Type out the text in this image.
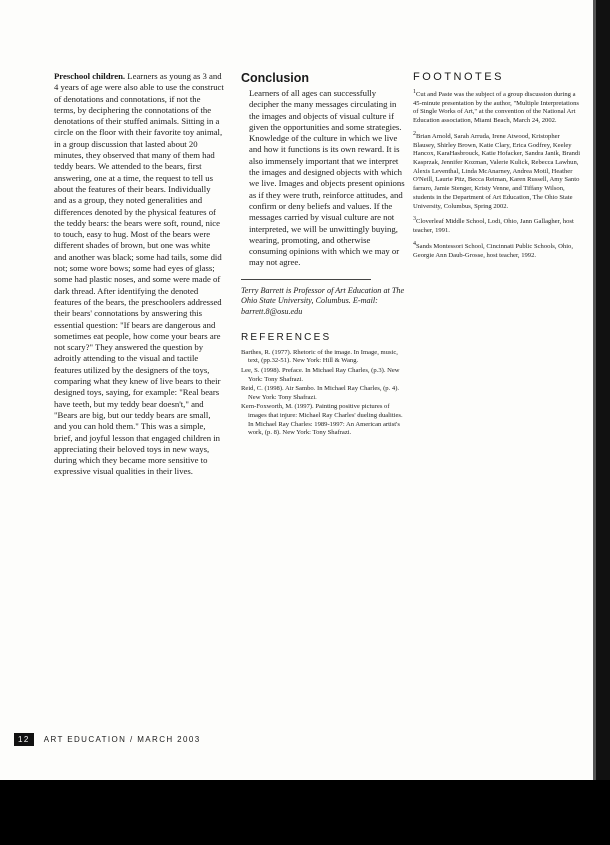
Preschool children. Learners as young as 3 and 4 years of age were also able to use the construct of denotations and connotations, if not the terms, by deciphering the connotations of the denotations of their stuffed animals. Sitting in a circle on the floor with their favorite toy animal, in a group discussion that lasted about 20 minutes, they observed that many of them had teddy bears. We attended to the bears, first answering, one at a time, the request to tell us about the features of their bears. Individually and as a group, they noted generalities and differences denoted by the physical features of the teddy bears: the bears were soft, round, nice to touch, easy to hug. Most of the bears were different shades of brown, but one was white and another was black; some had tails, some did not; some wore bows; some had eyes of glass; some had plastic noses, and some were made of dark thread. After identifying the denoted features of the bears, the preschoolers addressed their bears' connotations by answering this essential question: "If bears are dangerous and sometimes eat people, how come your bears are not scary?" They answered the question by adroitly attending to the visual and tactile features utilized by the designers of the toys, comparing what they knew of live bears to their designed toys, saying, for example: "Real bears have teeth, but my teddy bear doesn't," and "Bears are big, but our teddy bears are small, and you can hold them." This was a simple, brief, and joyful lesson that engaged children in appreciating their beloved toys in new ways, during which they became more sensitive to expressive visual qualities in their lives.
Conclusion
Learners of all ages can successfully decipher the many messages circulating in the images and objects of visual culture if given the opportunities and some strategies. Knowledge of the culture in which we live and how it functions is its own reward. It is also immensely important that we interpret the images and designed objects with which we live. Images and objects present opinions as if they were truth, reinforce attitudes, and confirm or deny beliefs and values. If the messages carried by visual culture are not interpreted, we will be unwittingly buying, wearing, promoting, and otherwise consuming opinions with which we may or may not agree.
Terry Barrett is Professor of Art Education at The Ohio State University, Columbus. E-mail: barrett.8@osu.edu
REFERENCES
Barthes, R. (1977). Rhetoric of the image. In Image, music, text, (pp.32-51). New York: Hill & Wang.
Lee, S. (1998). Preface. In Michael Ray Charles, (p.3). New York: Tony Shafrazi.
Reid, C. (1998). Air Sambo. In Michael Ray Charles, (p. 4). New York: Tony Shafrazi.
Kern-Foxworth, M. (1997). Painting positive pictures of images that injure: Michael Ray Charles' dueling dualities. In Michael Ray Charles: 1989-1997: An American artist's work, (p. 8). New York: Tony Shafrazi.
FOOTNOTES
$^1$Cut and Paste was the subject of a group discussion during a 45-minute presentation by the author, "Multiple Interpretations of Single Works of Art," at the convention of the National Art Education association, Miami Beach, March 24, 2002.
$^2$Brian Arnold, Sarah Arruda, Irene Atwood, Kristopher Blausey, Shirley Brown, Katie Clary, Erica Godfrey, Keeley Hancox, KaraHasbrouck, Katie Hofacker, Sandra Janik, Brandi Kasprzak, Jennifer Kozman, Valerie Kulick, Rebecca Lawhun, Alexis Leventhal, Linda McAnarney, Andrea Motil, Heather O'Neill, Laurie Pitz, Becca Reiman, Karen Russell, Amy Santo farraro, Jamie Stenger, Kristy Venne, and Tiffany Wilson, students in the Department of Art Education, The Ohio State University, Columbus, Spring 2002.
$^3$Cloverleaf Middle School, Lodi, Ohio, Jann Gallagher, host teacher, 1991.
$^4$Sands Montessori School, Cincinnati Public Schools, Ohio, Georgie Ann Daub-Grosse, host teacher, 1992.
12	ART EDUCATION / MARCH 2003
